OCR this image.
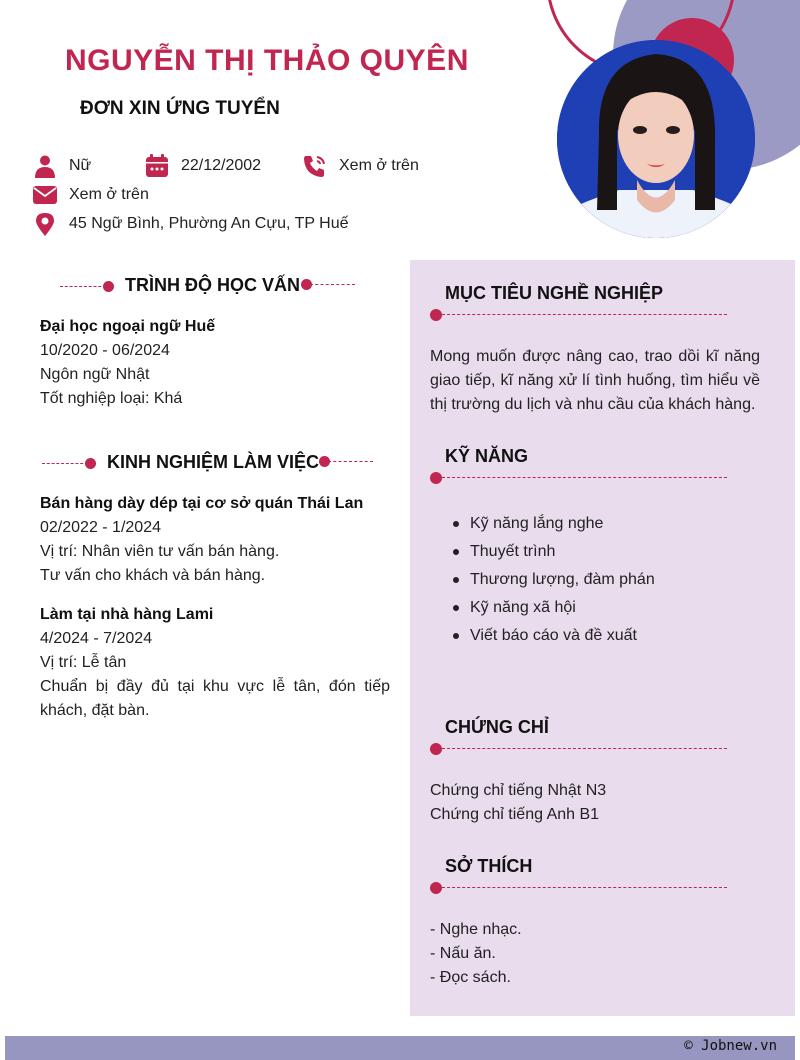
NGUYỄN THỊ THẢO QUYÊN
ĐƠN XIN ỨNG TUYỂN
Nữ	22/12/2002	Xem ở trên
Xem ở trên
45 Ngữ Bình, Phường An Cựu, TP Huế
TRÌNH ĐỘ HỌC VẤN
Đại học ngoại ngữ Huế
10/2020 - 06/2024
Ngôn ngữ Nhật
Tốt nghiệp loại: Khá
KINH NGHIỆM LÀM VIỆC
Bán hàng dày dép tại cơ sở quán Thái Lan
02/2022 - 1/2024
Vị trí: Nhân viên tư vấn bán hàng.
Tư vấn cho khách và bán hàng.
Làm tại nhà hàng Lami
4/2024 - 7/2024
Vị trí: Lễ tân
Chuẩn bị đầy đủ tại khu vực lễ tân, đón tiếp khách, đặt bàn.
MỤC TIÊU NGHỀ NGHIỆP
Mong muốn được nâng cao, trao dồi kĩ năng giao tiếp, kĩ năng xử lí tình huống, tìm hiểu về thị trường du lịch và nhu cầu của khách hàng.
KỸ NĂNG
Kỹ năng lắng nghe
Thuyết trình
Thương lượng, đàm phán
Kỹ năng xã hội
Viết báo cáo và đề xuất
CHỨNG CHỈ
Chứng chỉ tiếng Nhật N3
Chứng chỉ tiếng Anh B1
SỞ THÍCH
- Nghe nhạc.
- Nấu ăn.
- Đọc sách.
© Jobnew.vn
